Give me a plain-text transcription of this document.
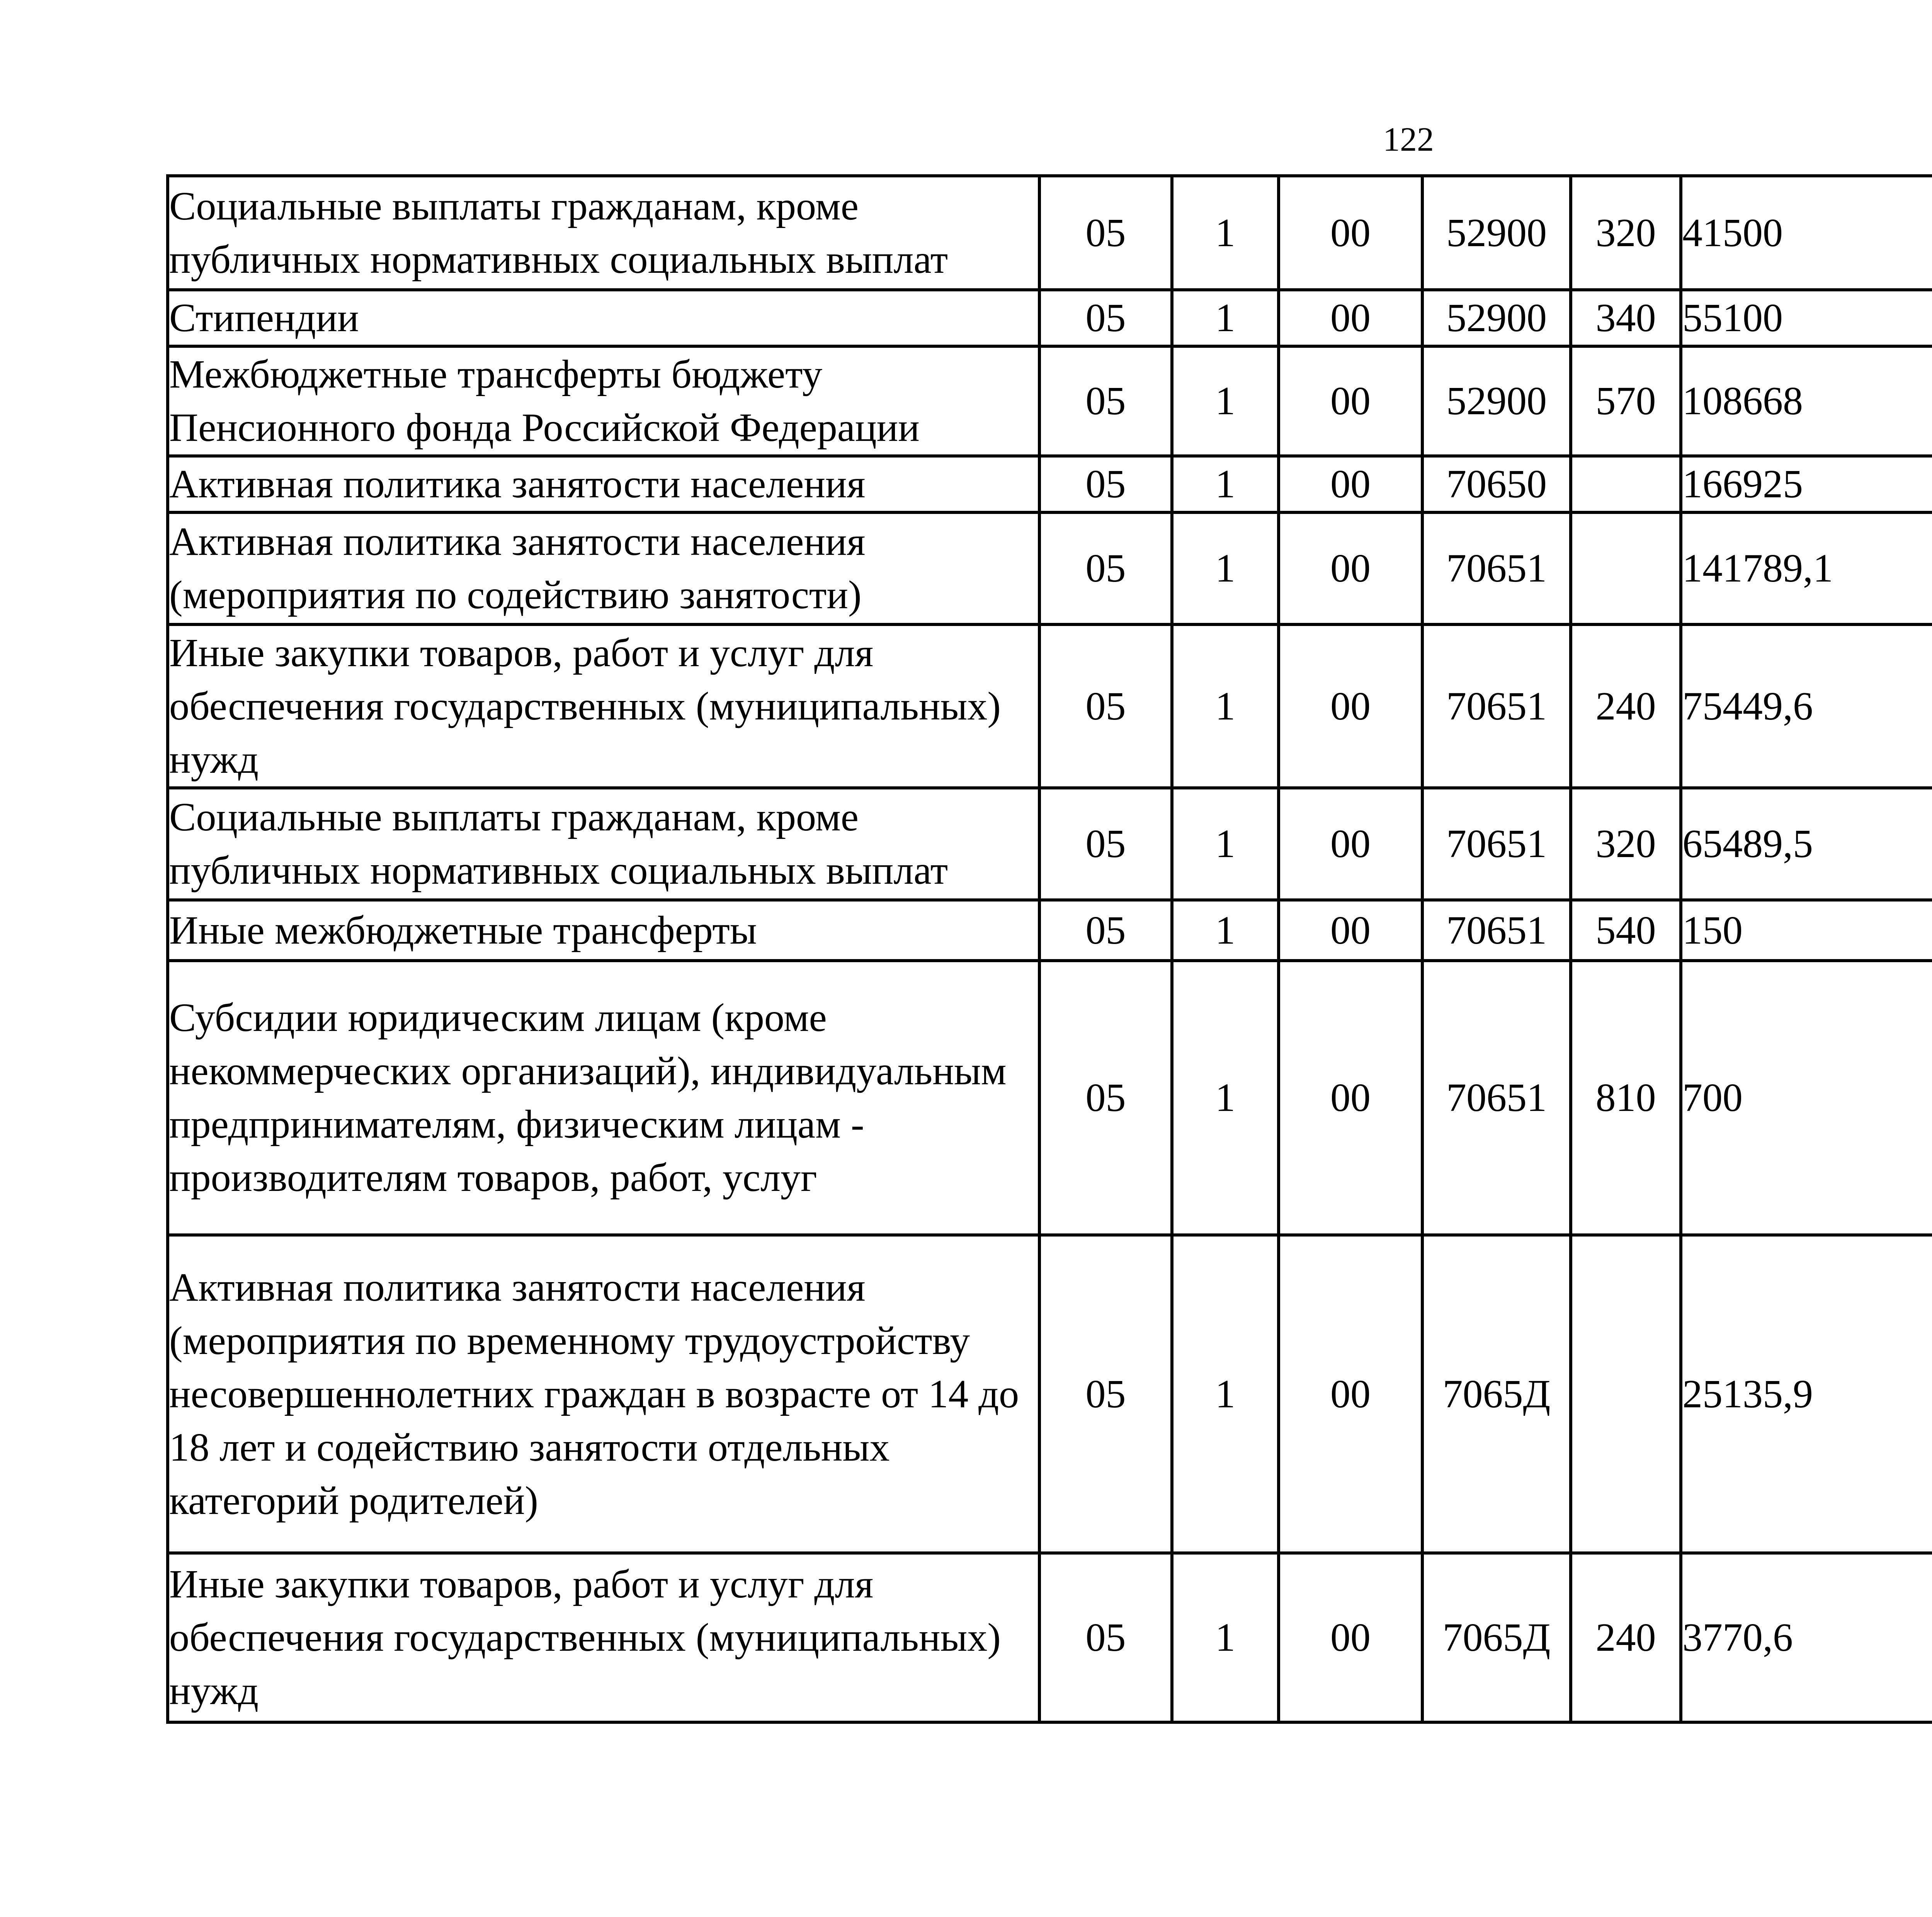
122
Социальные выплаты гражданам, кроме публичных нормативных социальных выплат	05	1	00	52900	320	41500		
Стипендии	05	1	00	52900	340	55100		
Межбюджетные трансферты бюджету Пенсионного фонда Российской Федерации	05	1	00	52900	570	108668		
Активная политика занятости населения	05	1	00	70650		166925		
Активная политика занятости населения (мероприятия по содействию занятости)	05	1	00	70651		141789,1		
Иные закупки товаров, работ и услуг для обеспечения государственных (муниципальных) нужд	05	1	00	70651	240	75449,6		
Социальные выплаты гражданам, кроме публичных нормативных социальных выплат	05	1	00	70651	320	65489,5		
Иные межбюджетные трансферты	05	1	00	70651	540	150		
Субсидии юридическим лицам (кроме некоммерческих организаций), индивидуальным предпринимателям, физическим лицам - производителям товаров, работ, услуг	05	1	00	70651	810	700		
Активная политика занятости населения (мероприятия по временному трудоустройству несовершеннолетних граждан в возрасте от 14 до 18 лет и содействию занятости отдельных категорий родителей)	05	1	00	7065Д		25135,9		
Иные закупки товаров, работ и услуг для обеспечения государственных (муниципальных) нужд	05	1	00	7065Д	240	3770,6		
